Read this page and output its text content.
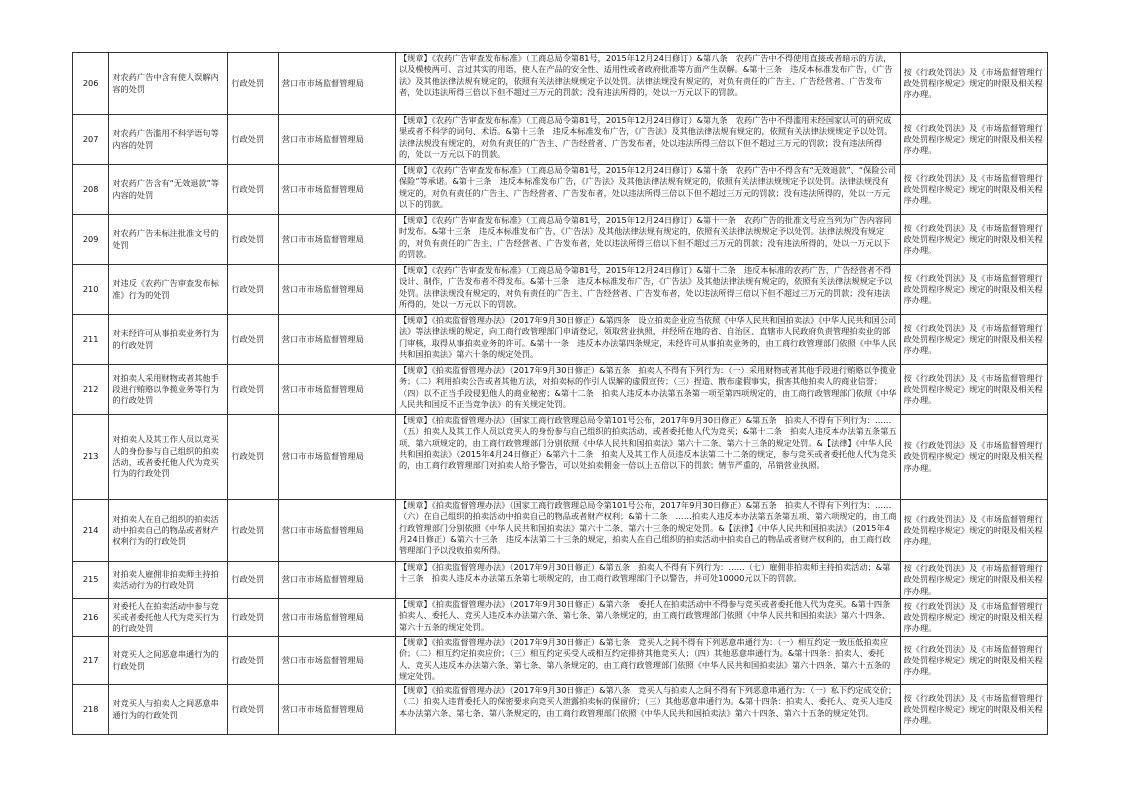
206	对农药广告中含有使人误解内容的处罚	行政处罚	营口市市场监督管理局	【规章】《农药广告审查发布标准》（工商总局令第81号，2015年12月24日修订）&第八条　农药广告中不得使用直接或者暗示的方法，以及模棱两可、言过其实的用语，使人在产品的安全性、适用性或者政府批准等方面产生误解。&第十三条　违反本标准发布广告，《广告法》及其他法律法规有规定的，依照有关法律法规规定予以处罚。法律法规没有规定的，对负有责任的广告主、广告经营者、广告发布者，处以违法所得三倍以下但不超过三万元的罚款；没有违法所得的，处以一万元以下的罚款。	按《行政处罚法》及《市场监督管理行政处罚程序规定》规定的时限及相关程序办理。
207	对农药广告滥用不科学语句等内容的处罚	行政处罚	营口市市场监督管理局	【规章】《农药广告审查发布标准》（工商总局令第81号，2015年12月24日修订）&第九条　农药广告中不得滥用未经国家认可的研究成果或者不科学的词句、术语。&第十三条　违反本标准发布广告，《广告法》及其他法律法规有规定的，依照有关法律法规规定予以处罚。法律法规没有规定的，对负有责任的广告主、广告经营者、广告发布者，处以违法所得三倍以下但不超过三万元的罚款；没有违法所得的，处以一万元以下的罚款。	按《行政处罚法》及《市场监督管理行政处罚程序规定》规定的时限及相关程序办理。
208	对农药广告含有“无效退款”等内容的处罚	行政处罚	营口市市场监督管理局	【规章】《农药广告审查发布标准》（工商总局令第81号，2015年12月24日修订）&第十条　农药广告中不得含有“无效退款”、“保险公司保险”等承诺。&第十三条　违反本标准发布广告，《广告法》及其他法律法规有规定的，依照有关法律法规规定予以处罚。法律法规没有规定的，对负有责任的广告主、广告经营者、广告发布者，处以违法所得三倍以下但不超过三万元的罚款；没有违法所得的，处以一万元以下的罚款。	按《行政处罚法》及《市场监督管理行政处罚程序规定》规定的时限及相关程序办理。
209	对农药广告未标注批准文号的处罚	行政处罚	营口市市场监督管理局	【规章】《农药广告审查发布标准》（工商总局令第81号，2015年12月24日修订）&第十一条　农药广告的批准文号应当列为广告内容同时发布。&第十三条　违反本标准发布广告，《广告法》及其他法律法规有规定的，依照有关法律法规规定予以处罚。法律法规没有规定的，对负有责任的广告主、广告经营者、广告发布者，处以违法所得三倍以下但不超过三万元的罚款；没有违法所得的，处以一万元以下的罚款。	按《行政处罚法》及《市场监督管理行政处罚程序规定》规定的时限及相关程序办理。
210	对违反《农药广告审查发布标准》行为的处罚	行政处罚	营口市市场监督管理局	【规章】《农药广告审查发布标准》（工商总局令第81号，2015年12月24日修订）&第十二条　违反本标准的农药广告，广告经营者不得设计、制作，广告发布者不得发布。&第十三条　违反本标准发布广告，《广告法》及其他法律法规有规定的，依照有关法律法规规定予以处罚。法律法规没有规定的，对负有责任的广告主、广告经营者、广告发布者，处以违法所得三倍以下但不超过三万元的罚款；没有违法所得的，处以一万元以下的罚款。	按《行政处罚法》及《市场监督管理行政处罚程序规定》规定的时限及相关程序办理。
211	对未经许可从事拍卖业务行为的行政处罚	行政处罚	营口市市场监督管理局	【规章】《拍卖监督管理办法》（2017年9月30日修正）&第四条　设立拍卖企业应当依照《中华人民共和国拍卖法》《中华人民共和国公司法》等法律法规的规定，向工商行政管理部门申请登记，领取营业执照，并经所在地的省、自治区、直辖市人民政府负责管理拍卖业的部门审核，取得从事拍卖业务的许可。&第十一条　违反本办法第四条规定，未经许可从事拍卖业务的，由工商行政管理部门依照《中华人民共和国拍卖法》第六十条的规定处罚。	按《行政处罚法》及《市场监督管理行政处罚程序规定》规定的时限及相关程序办理。
212	对拍卖人采用财物或者其他手段进行贿赂以争揽业务等行为的行政处罚	行政处罚	营口市市场监督管理局	【规章】《拍卖监督管理办法》（2017年9月30日修正）&第五条　拍卖人不得有下列行为：（一）采用财物或者其他手段进行贿赂以争揽业务；（二）利用拍卖公告或者其他方法，对拍卖标的作引人误解的虚假宣传；（三）捏造、散布虚假事实，损害其他拍卖人的商业信誉；（四）以不正当手段侵犯他人的商业秘密；&第十二条　拍卖人违反本办法第五条第一项至第四项规定的，由工商行政管理部门依照《中华人民共和国反不正当竞争法》的有关规定处罚。	按《行政处罚法》及《市场监督管理行政处罚程序规定》规定的时限及相关程序办理。
213	对拍卖人及其工作人员以竞买人的身份参与自己组织的拍卖活动，或者委托他人代为竞买行为的行政处罚	行政处罚	营口市市场监督管理局	【规章】《拍卖监督管理办法》（国家工商行政管理总局令第101号公布，2017年9月30日修正）&第五条　拍卖人不得有下列行为：……（五）拍卖人及其工作人员以竞买人的身份参与自己组织的拍卖活动，或者委托他人代为竞买；&第十二条　拍卖人违反本办法第五条第五项、第六项规定的，由工商行政管理部门分别依照《中华人民共和国拍卖法》第六十二条、第六十三条的规定处罚。&【法律】《中华人民共和国拍卖法》（2015年4月24日修正）&第六十二条　拍卖人及其工作人员违反本法第二十二条的规定，参与竞买或者委托他人代为竞买的，由工商行政管理部门对拍卖人给予警告，可以处拍卖佣金一倍以上五倍以下的罚款；情节严重的，吊销营业执照。	按《行政处罚法》及《市场监督管理行政处罚程序规定》规定的时限及相关程序办理。
214	对拍卖人在自己组织的拍卖活动中拍卖自己的物品或者财产权利行为的行政处罚	行政处罚	营口市市场监督管理局	【规章】《拍卖监督管理办法》（国家工商行政管理总局令第101号公布，2017年9月30日修正）&第五条　拍卖人不得有下列行为：……（六）在自己组织的拍卖活动中拍卖自己的物品或者财产权利；&第十二条　……拍卖人违反本办法第五条第五项、第六项规定的，由工商行政管理部门分别依照《中华人民共和国拍卖法》第六十二条、第六十三条的规定处罚。&【法律】《中华人民共和国拍卖法》（2015年4月24日修正）&第六十三条　违反本法第二十三条的规定，拍卖人在自己组织的拍卖活动中拍卖自己的物品或者财产权利的，由工商行政管理部门予以没收拍卖所得。	按《行政处罚法》及《市场监督管理行政处罚程序规定》规定的时限及相关程序办理。
215	对拍卖人雇佣非拍卖师主持拍卖活动行为的行政处罚	行政处罚	营口市市场监督管理局	【规章】《拍卖监督管理办法》（2017年9月30日修正）&第五条　拍卖人不得有下列行为：……（七）雇佣非拍卖师主持拍卖活动；&第十三条　拍卖人违反本办法第五条第七项规定的，由工商行政管理部门予以警告，并可处10000元以下的罚款。	按《行政处罚法》及《市场监督管理行政处罚程序规定》规定的时限及相关程序办理。
216	对委托人在拍卖活动中参与竞买或者委托他人代为竞买行为的行政处罚	行政处罚	营口市市场监督管理局	【规章】《拍卖监督管理办法》（2017年9月30日修正）&第六条　委托人在拍卖活动中不得参与竞买或者委托他人代为竞买。&第十四条　拍卖人、委托人、竞买人违反本办法第六条、第七条、第八条规定的，由工商行政管理部门依照《中华人民共和国拍卖法》第六十四条、第六十五条的规定处罚。	按《行政处罚法》及《市场监督管理行政处罚程序规定》规定的时限及相关程序办理。
217	对竞买人之间恶意串通行为的行政处罚	行政处罚	营口市市场监督管理局	【规章】《拍卖监督管理办法》（2017年9月30日修正）&第七条　竞买人之间不得有下列恶意串通行为：（一）相互约定一致压低拍卖应价；（二）相互约定拍卖应价；（三）相互约定买受人或相互约定排挤其他竞买人；（四）其他恶意串通行为。&第十四条：拍卖人、委托人、竞买人违反本办法第六条、第七条、第八条规定的，由工商行政管理部门依照《中华人民共和国拍卖法》第六十四条、第六十五条的规定处罚。	按《行政处罚法》及《市场监督管理行政处罚程序规定》规定的时限及相关程序办理。
218	对竞买人与拍卖人之间恶意串通行为的行政处罚	行政处罚	营口市市场监督管理局	【规章】《拍卖监督管理办法》（2017年9月30日修正）&第八条　竞买人与拍卖人之间不得有下列恶意串通行为：（一）私下约定成交价；（二）拍卖人违背委托人的保密要求向竞买人泄露拍卖标的保留价；（三）其他恶意串通行为。&第十四条：拍卖人、委托人、竞买人违反本办法第六条、第七条、第八条规定的，由工商行政管理部门依照《中华人民共和国拍卖法》第六十四条、第六十五条的规定处罚。	按《行政处罚法》及《市场监督管理行政处罚程序规定》规定的时限及相关程序办理。
